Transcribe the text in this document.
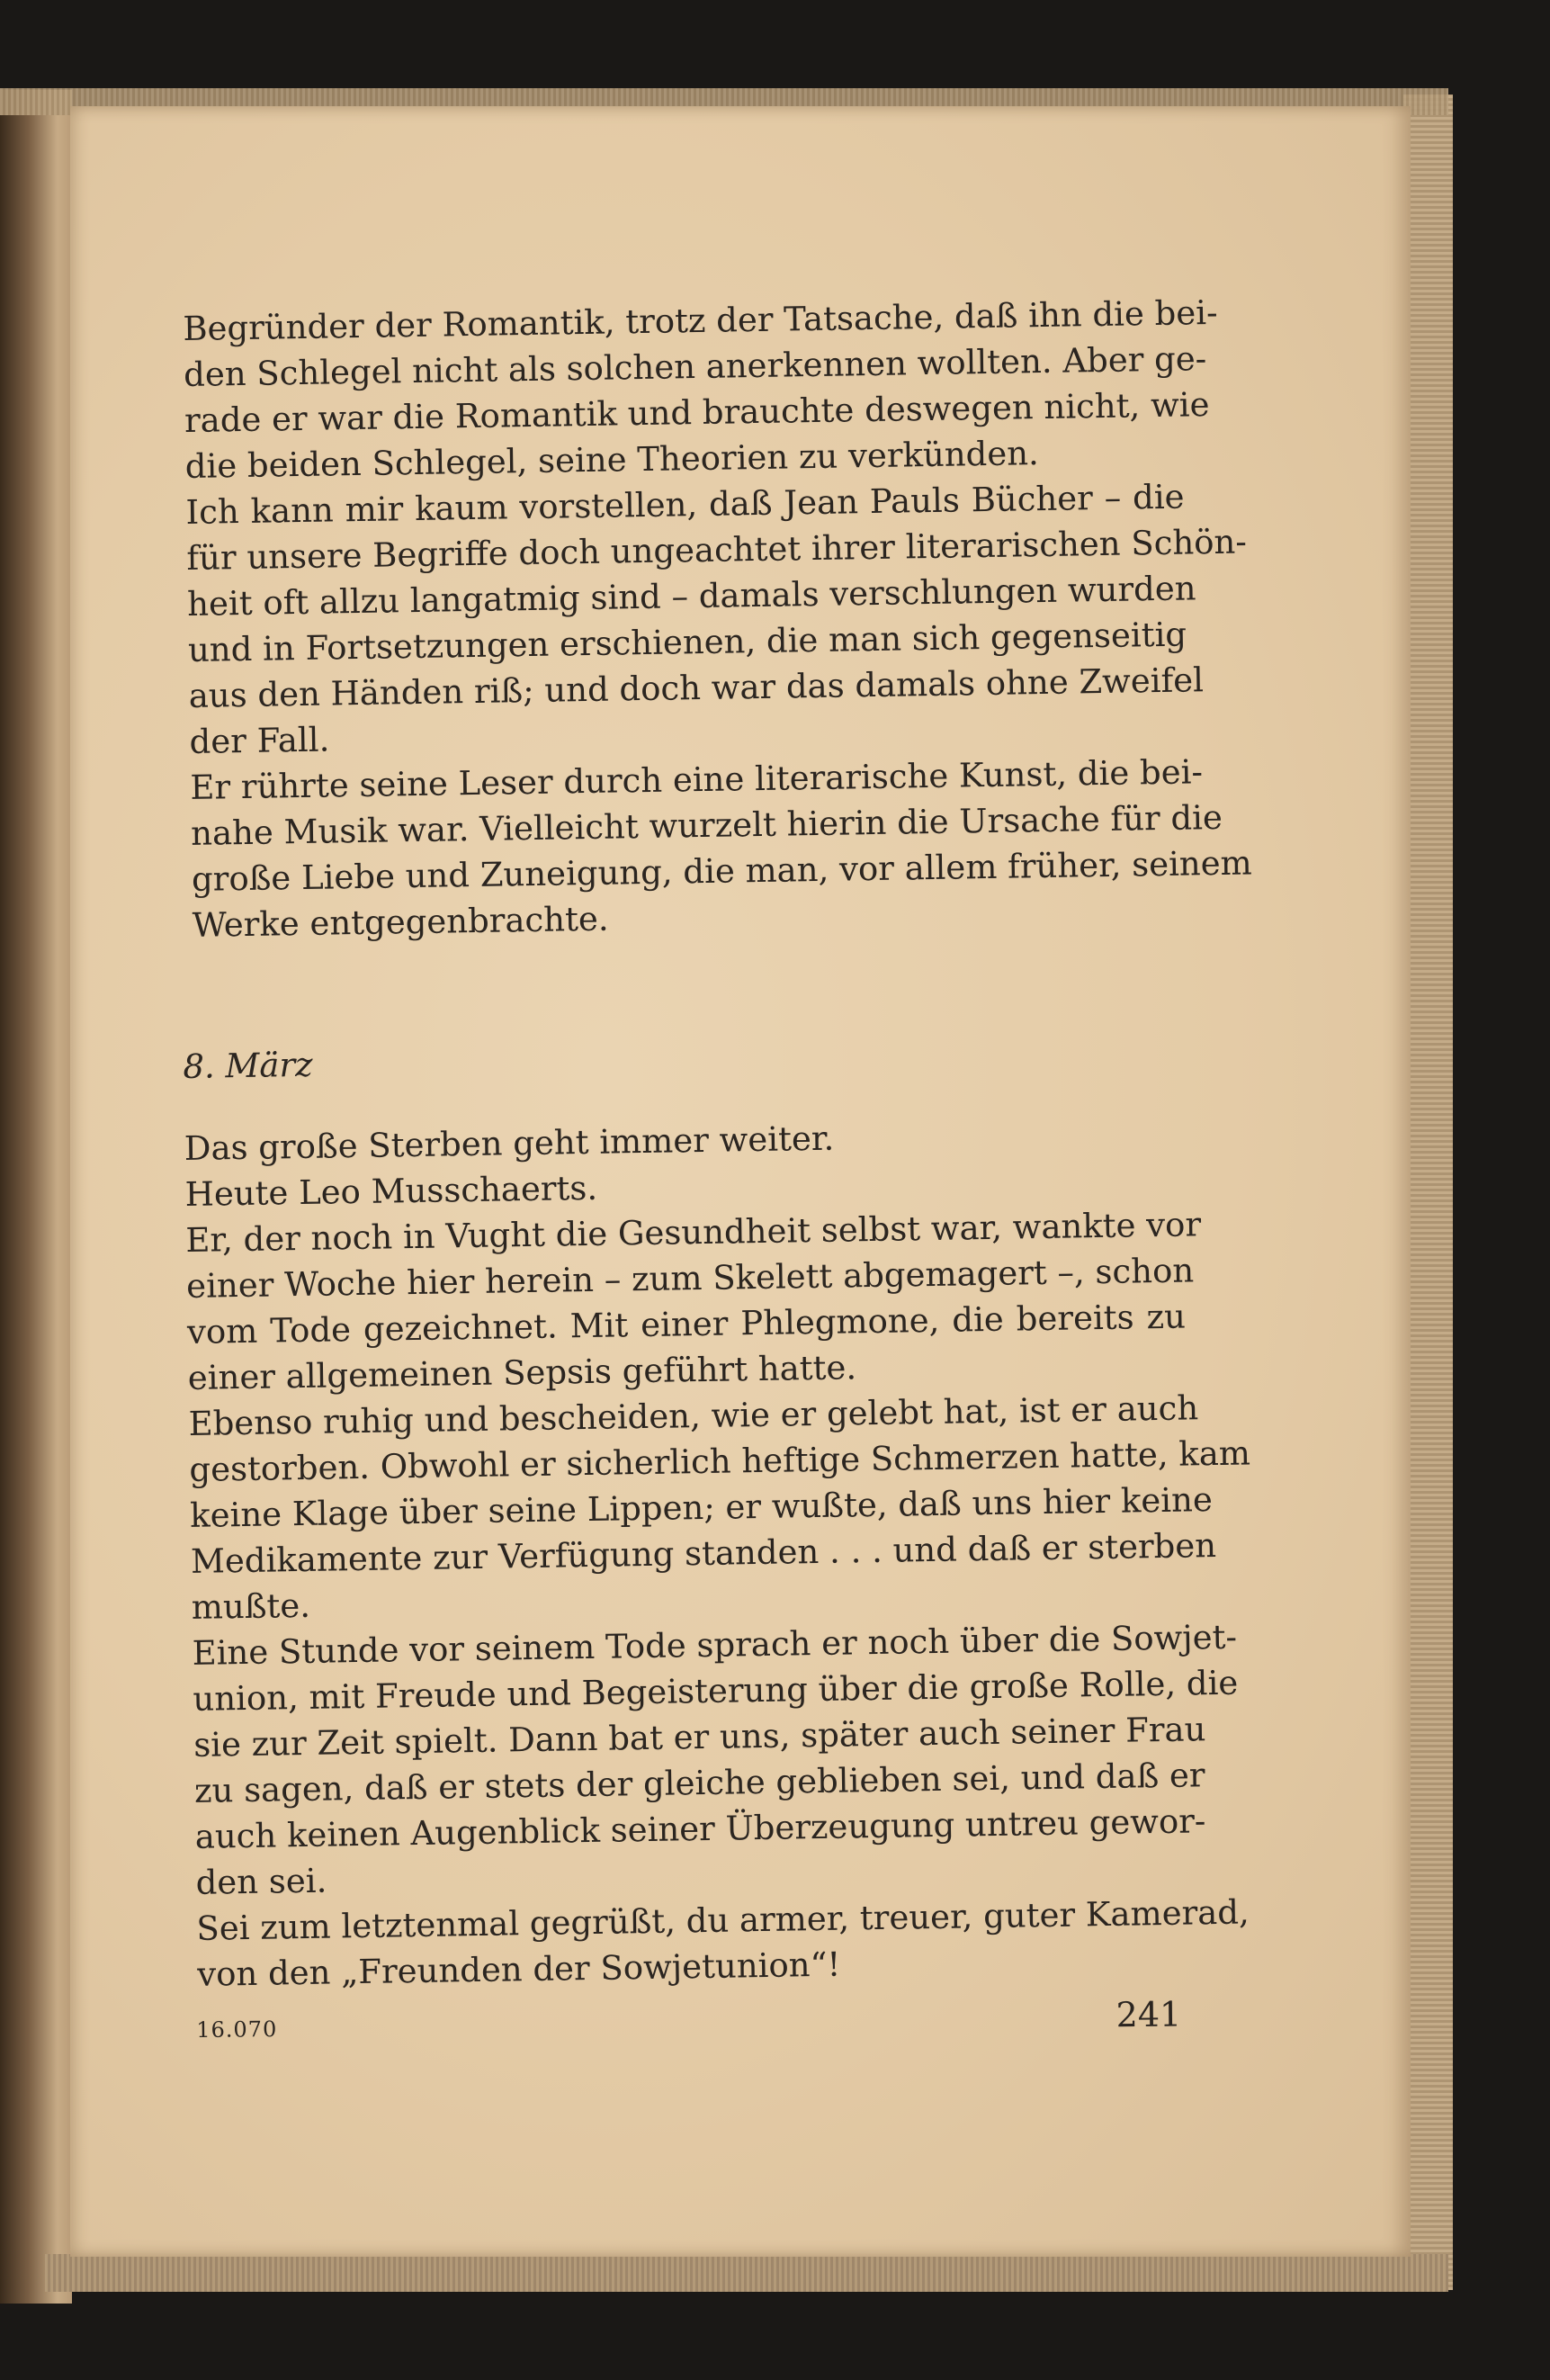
Begründer der Romantik, trotz der Tatsache, daß ihn die bei-
den Schlegel nicht als solchen anerkennen wollten. Aber ge-
rade er war die Romantik und brauchte deswegen nicht, wie
die beiden Schlegel, seine Theorien zu verkünden.
Ich kann mir kaum vorstellen, daß Jean Pauls Bücher – die
für unsere Begriffe doch ungeachtet ihrer literarischen Schön-
heit oft allzu langatmig sind – damals verschlungen wurden
und in Fortsetzungen erschienen, die man sich gegenseitig
aus den Händen riß; und doch war das damals ohne Zweifel
der Fall.
Er rührte seine Leser durch eine literarische Kunst, die bei-
nahe Musik war. Vielleicht wurzelt hierin die Ursache für die
große Liebe und Zuneigung, die man, vor allem früher, seinem
Werke entgegenbrachte.
8. März
Das große Sterben geht immer weiter.
Heute Leo Musschaerts.
Er, der noch in Vught die Gesundheit selbst war, wankte vor
einer Woche hier herein – zum Skelett abgemagert –, schon
vom Tode gezeichnet. Mit einer Phlegmone, die bereits zu
einer allgemeinen Sepsis geführt hatte.
Ebenso ruhig und bescheiden, wie er gelebt hat, ist er auch
gestorben. Obwohl er sicherlich heftige Schmerzen hatte, kam
keine Klage über seine Lippen; er wußte, daß uns hier keine
Medikamente zur Verfügung standen . . . und daß er sterben
mußte.
Eine Stunde vor seinem Tode sprach er noch über die Sowjet-
union, mit Freude und Begeisterung über die große Rolle, die
sie zur Zeit spielt. Dann bat er uns, später auch seiner Frau
zu sagen, daß er stets der gleiche geblieben sei, und daß er
auch keinen Augenblick seiner Überzeugung untreu gewor-
den sei.
Sei zum letztenmal gegrüßt, du armer, treuer, guter Kamerad,
von den „Freunden der Sowjetunion“!
16.070	241
